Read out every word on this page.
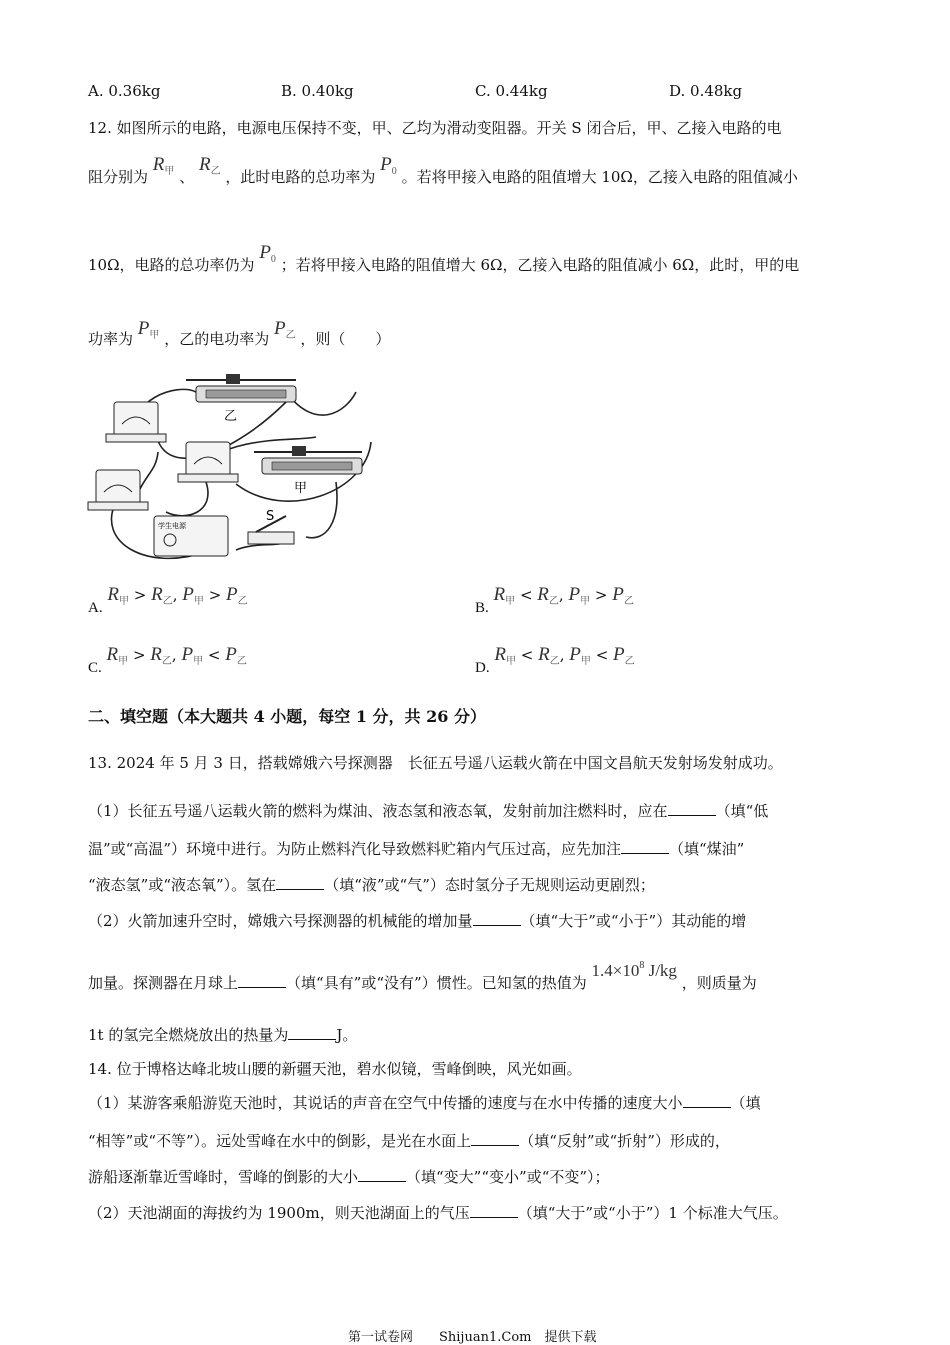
A. 0.36kg	B. 0.40kg	C. 0.44kg	D. 0.48kg
12. 如图所示的电路，电源电压保持不变，甲、乙均为滑动变阻器。开关 S 闭合后，甲、乙接入电路的电
阻分别为 $R_甲$ 、 $R_乙$ ，此时电路的总功率为 $P_0$ 。若将甲接入电路的阻值增大 10Ω，乙接入电路的阻值减小
10Ω，电路的总功率仍为 $P_0$ ；若将甲接入电路的阻值增大 6Ω，乙接入电路的阻值减小 6Ω，此时，甲的电
功率为 $P_甲$ ，乙的电功率为 $P_乙$ ，则（　　）
乙
甲
S
学生电源
A. $R_甲 > R_乙$, $P_甲 > P_乙$	B. $R_甲 < R_乙$, $P_甲 > P_乙$
C. $R_甲 > R_乙$, $P_甲 < P_乙$	D. $R_甲 < R_乙$, $P_甲 < P_乙$
二、填空题（本大题共 4 小题，每空 1 分，共 26 分）
13. 2024 年 5 月 3 日，搭载嫦娥六号探测器　长征五号遥八运载火箭在中国文昌航天发射场发射成功。
（1）长征五号遥八运载火箭的燃料为煤油、液态氢和液态氧，发射前加注燃料时，应在	（填“低
温”或“高温”）环境中进行。为防止燃料汽化导致燃料贮箱内气压过高，应先加注	（填“煤油”
“液态氢”或“液态氧”）。氢在	（填“液”或“气”）态时氢分子无规则运动更剧烈；
（2）火箭加速升空时，嫦娥六号探测器的机械能的增加量	（填“大于”或“小于”）其动能的增
加量。探测器在月球上	（填“具有”或“没有”）惯性。已知氢的热值为 $1.4\times 10^8$ J/kg ，则质量为
1t 的氢完全燃烧放出的热量为	J。
14. 位于博格达峰北坡山腰的新疆天池，碧水似镜，雪峰倒映，风光如画。
（1）某游客乘船游览天池时，其说话的声音在空气中传播的速度与在水中传播的速度大小	（填
“相等”或“不等”）。远处雪峰在水中的倒影，是光在水面上	（填“反射”或“折射”）形成的，
游船逐渐靠近雪峰时，雪峰的倒影的大小	（填“变大”“变小”或“不变”）；
（2）天池湖面的海拔约为 1900m，则天池湖面上的气压	（填“大于”或“小于”）1 个标准大气压。
第一试卷网　　Shijuan1.Com　提供下载
